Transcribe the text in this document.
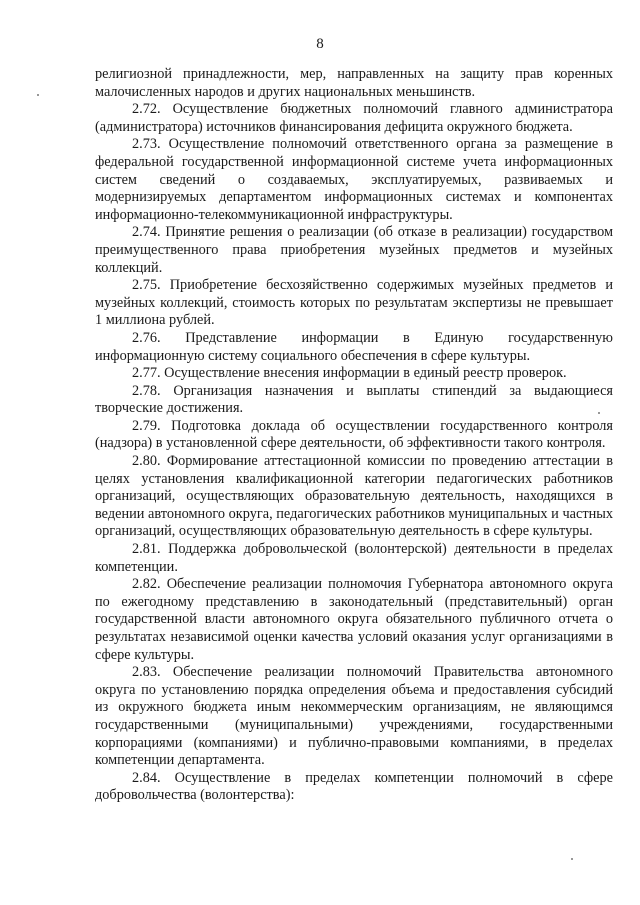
8

религиозной принадлежности, мер, направленных на защиту прав коренных малочисленных народов и других национальных меньшинств.

2.72. Осуществление бюджетных полномочий главного администратора (администратора) источников финансирования дефицита окружного бюджета.

2.73. Осуществление полномочий ответственного органа за размещение в федеральной государственной информационной системе учета информационных систем сведений о создаваемых, эксплуатируемых, развиваемых и модернизируемых департаментом информационных системах и компонентах информационно-телекоммуникационной инфраструктуры.

2.74. Принятие решения о реализации (об отказе в реализации) государством преимущественного права приобретения музейных предметов и музейных коллекций.

2.75. Приобретение бесхозяйственно содержимых музейных предметов и музейных коллекций, стоимость которых по результатам экспертизы не превышает 1 миллиона рублей.

2.76. Представление информации в Единую государственную информационную систему социального обеспечения в сфере культуры.

2.77. Осуществление внесения информации в единый реестр проверок.

2.78. Организация назначения и выплаты стипендий за выдающиеся творческие достижения.

2.79. Подготовка доклада об осуществлении государственного контроля (надзора) в установленной сфере деятельности, об эффективности такого контроля.

2.80. Формирование аттестационной комиссии по проведению аттестации в целях установления квалификационной категории педагогических работников организаций, осуществляющих образовательную деятельность, находящихся в ведении автономного округа, педагогических работников муниципальных и частных организаций, осуществляющих образовательную деятельность в сфере культуры.

2.81. Поддержка добровольческой (волонтерской) деятельности в пределах компетенции.

2.82. Обеспечение реализации полномочия Губернатора автономного округа по ежегодному представлению в законодательный (представительный) орган государственной власти автономного округа обязательного публичного отчета о результатах независимой оценки качества условий оказания услуг организациями в сфере культуры.

2.83. Обеспечение реализации полномочий Правительства автономного округа по установлению порядка определения объема и предоставления субсидий из окружного бюджета иным некоммерческим организациям, не являющимся государственными (муниципальными) учреждениями, государственными корпорациями (компаниями) и публично-правовыми компаниями, в пределах компетенции департамента.

2.84. Осуществление в пределах компетенции полномочий в сфере добровольчества (волонтерства):
